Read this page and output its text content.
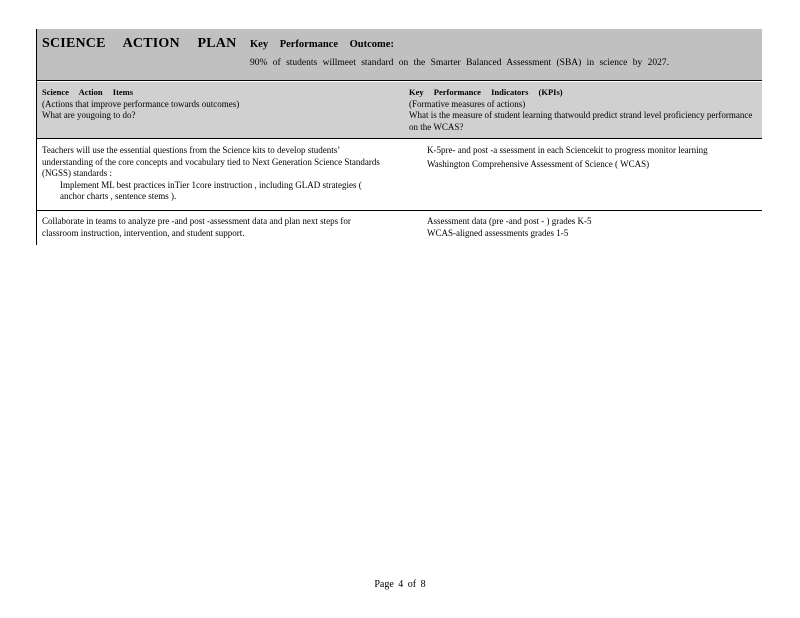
SCIENCE ACTION PLAN Key Performance Outcome:
90% of students willmeet standard on the Smarter Balanced Assessment (SBA) in science by 2027.
Science Action Items
(Actions that improve performance towards outcomes)
What are yougoing to do?
Key Performance Indicators (KPIs)
(Formative measures of actions)
What is the measure of student learning thatwould predict strand level proficiency performance on the WCAS?
Teachers will use the essential questions from the Science kits to develop students’ understanding of the core concepts and vocabulary tied to Next Generation Science Standards (NGSS) standards :
Implement ML best practices inTier 1core instruction , including GLAD strategies ( anchor charts , sentence stems ).
K-5pre- and post -a ssessment in each Sciencekit to progress monitor learning
Washington Comprehensive Assessment of Science ( WCAS)
Collaborate in teams to analyze pre -and post -assessment data and plan next steps for classroom instruction, intervention, and student support.
Assessment data (pre -and post - ) grades K-5
WCAS-aligned assessments grades 1-5
Page 4 of 8
